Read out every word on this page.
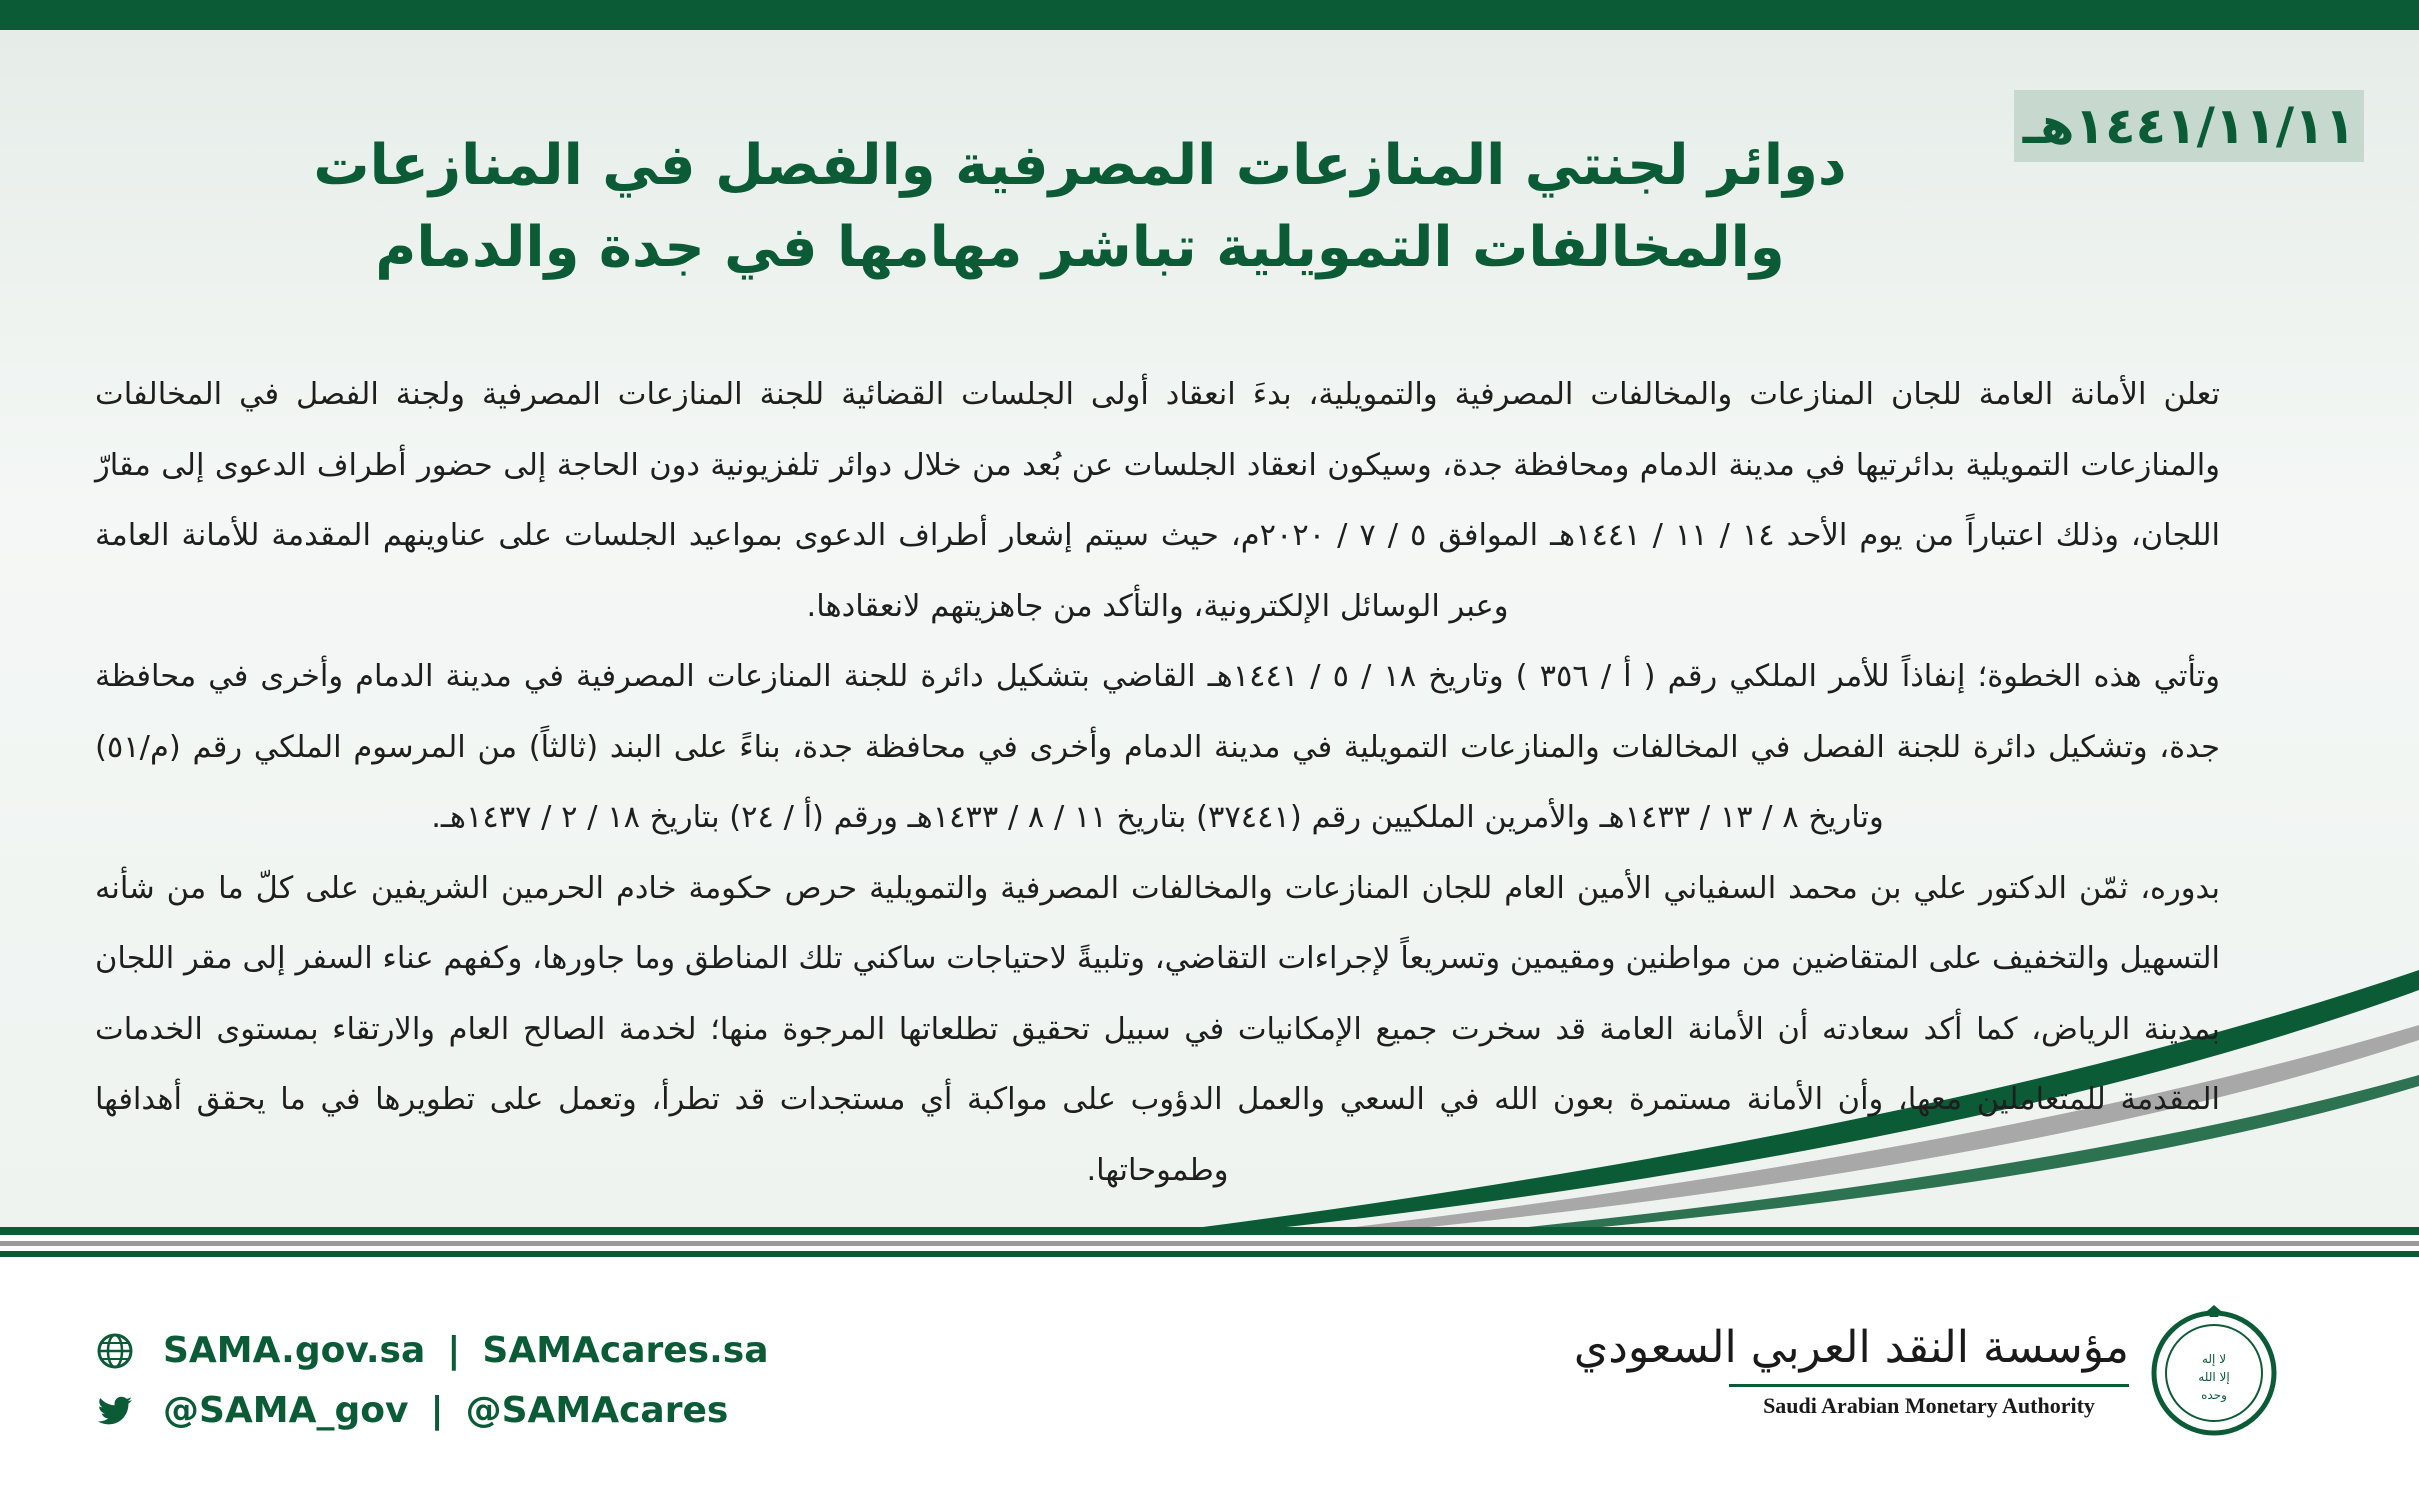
١٤٤١/١١/١١هـ
دوائر لجنتي المنازعات المصرفية والفصل في المنازعات
والمخالفات التمويلية تباشر مهامها في جدة والدمام

تعلن الأمانة العامة للجان المنازعات والمخالفات المصرفية والتمويلية، بدءَ انعقاد أولى الجلسات القضائية للجنة المنازعات المصرفية ولجنة الفصل في المخالفات والمنازعات التمويلية بدائرتيها في مدينة الدمام ومحافظة جدة، وسيكون انعقاد الجلسات عن بُعد من خلال دوائر تلفزيونية دون الحاجة إلى حضور أطراف الدعوى إلى مقارّ اللجان، وذلك اعتباراً من يوم الأحد ١٤ / ١١ / ١٤٤١هـ الموافق ٥ / ٧ / ٢٠٢٠م، حيث سيتم إشعار أطراف الدعوى بمواعيد الجلسات على عناوينهم المقدمة للأمانة العامة وعبر الوسائل الإلكترونية، والتأكد من جاهزيتهم لانعقادها.

وتأتي هذه الخطوة؛ إنفاذاً للأمر الملكي رقم ( أ / ٣٥٦ ) وتاريخ ١٨ / ٥ / ١٤٤١هـ القاضي بتشكيل دائرة للجنة المنازعات المصرفية في مدينة الدمام وأخرى في محافظة جدة، وتشكيل دائرة للجنة الفصل في المخالفات والمنازعات التمويلية في مدينة الدمام وأخرى في محافظة جدة، بناءً على البند (ثالثاً) من المرسوم الملكي رقم (م/٥١) وتاريخ ٨ / ١٣ / ١٤٣٣هـ والأمرين الملكيين رقم (٣٧٤٤١) بتاريخ ١١ / ٨ / ١٤٣٣هـ ورقم (أ / ٢٤) بتاريخ ١٨ / ٢ / ١٤٣٧هـ.

بدوره، ثمّن الدكتور علي بن محمد السفياني الأمين العام للجان المنازعات والمخالفات المصرفية والتمويلية حرص حكومة خادم الحرمين الشريفين على كلّ ما من شأنه التسهيل والتخفيف على المتقاضين من مواطنين ومقيمين وتسريعاً لإجراءات التقاضي، وتلبيةً لاحتياجات ساكني تلك المناطق وما جاورها، وكفهم عناء السفر إلى مقر اللجان بمدينة الرياض، كما أكد سعادته أن الأمانة العامة قد سخرت جميع الإمكانيات في سبيل تحقيق تطلعاتها المرجوة منها؛ لخدمة الصالح العام والارتقاء بمستوى الخدمات المقدمة للمتعاملين معها، وأن الأمانة مستمرة بعون الله في السعي والعمل الدؤوب على مواكبة أي مستجدات قد تطرأ، وتعمل على تطويرها في ما يحقق أهدافها وطموحاتها.

SAMA.gov.sa | SAMAcares.sa
@SAMA_gov | @SAMAcares
مؤسسة النقد العربي السعودي
Saudi Arabian Monetary Authority
لا إله
إلا الله
وحده
